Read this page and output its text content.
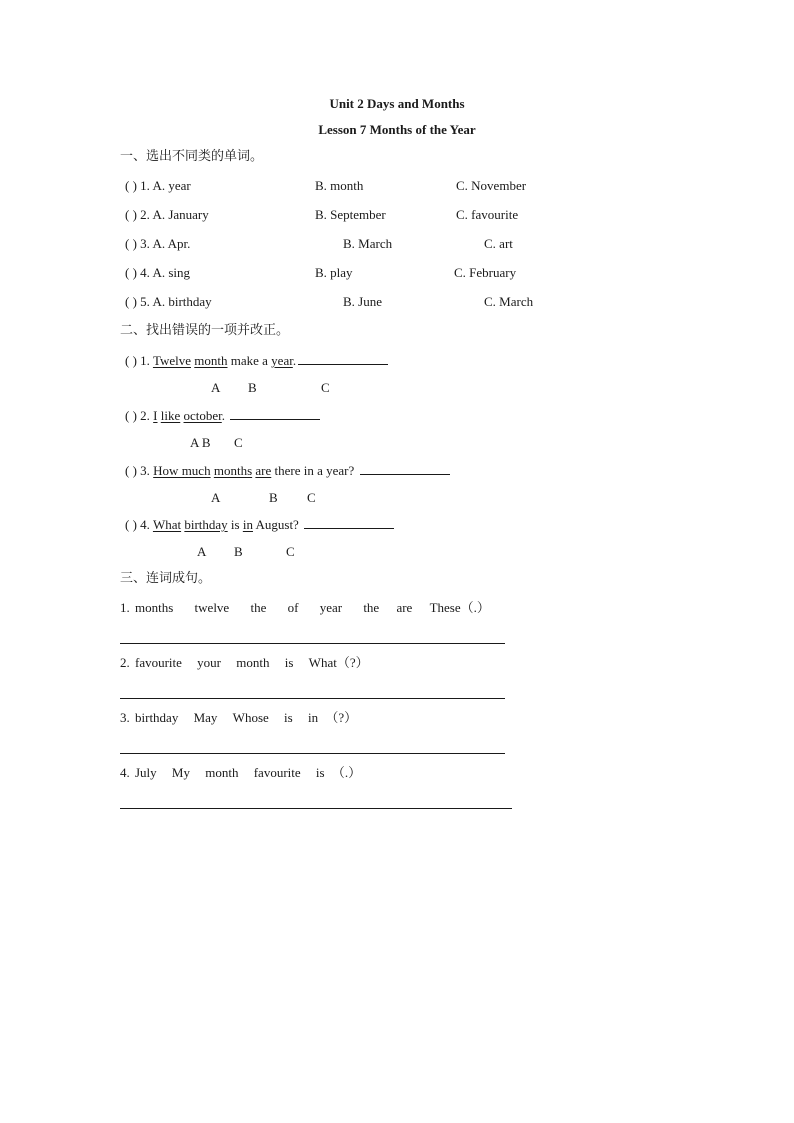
Unit 2 Days and Months
Lesson 7 Months of the Year
一、选出不同类的单词。
( ) 1. A. year	B. month	C. November
( ) 2. A. January	B. September	C. favourite
( ) 3. A. Apr.	B. March	C. art
( ) 4. A. sing	B. play	C. February
( ) 5. A. birthday	B. June	C. March
二、找出错误的一项并改正。
( ) 1. Twelve month make a year.
A B	C
( ) 2. I like october.
A B C
( ) 3. How much months are there in a year?
A	B C
( ) 4. What birthday is in August?
A B	C
三、连词成句。
1. months twelve the of year the are These（.）
2. favourite your month is What（?）
3. birthday May Whose is in （?）
4. July My month favourite is （.）
